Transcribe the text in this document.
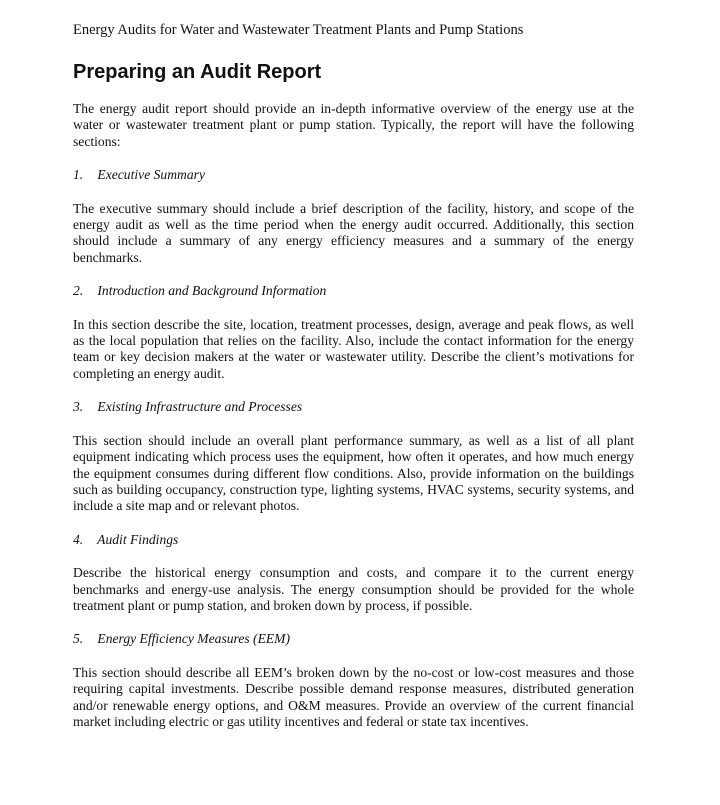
Energy Audits for Water and Wastewater Treatment Plants and Pump Stations
Preparing an Audit Report

The energy audit report should provide an in-depth informative overview of the energy use at the water or wastewater treatment plant or pump station. Typically, the report will have the following sections:

1. Executive Summary

The executive summary should include a brief description of the facility, history, and scope of the energy audit as well as the time period when the energy audit occurred. Additionally, this section should include a summary of any energy efficiency measures and a summary of the energy benchmarks.

2. Introduction and Background Information

In this section describe the site, location, treatment processes, design, average and peak flows, as well as the local population that relies on the facility. Also, include the contact information for the energy team or key decision makers at the water or wastewater utility. Describe the client’s motivations for completing an energy audit.

3. Existing Infrastructure and Processes

This section should include an overall plant performance summary, as well as a list of all plant equipment indicating which process uses the equipment, how often it operates, and how much energy the equipment consumes during different flow conditions. Also, provide information on the buildings such as building occupancy, construction type, lighting systems, HVAC systems, security systems, and include a site map and or relevant photos.

4. Audit Findings

Describe the historical energy consumption and costs, and compare it to the current energy benchmarks and energy-use analysis. The energy consumption should be provided for the whole treatment plant or pump station, and broken down by process, if possible.

5. Energy Efficiency Measures (EEM)

This section should describe all EEM’s broken down by the no-cost or low-cost measures and those requiring capital investments. Describe possible demand response measures, distributed generation and/or renewable energy options, and O&M measures. Provide an overview of the current financial market including electric or gas utility incentives and federal or state tax incentives.
